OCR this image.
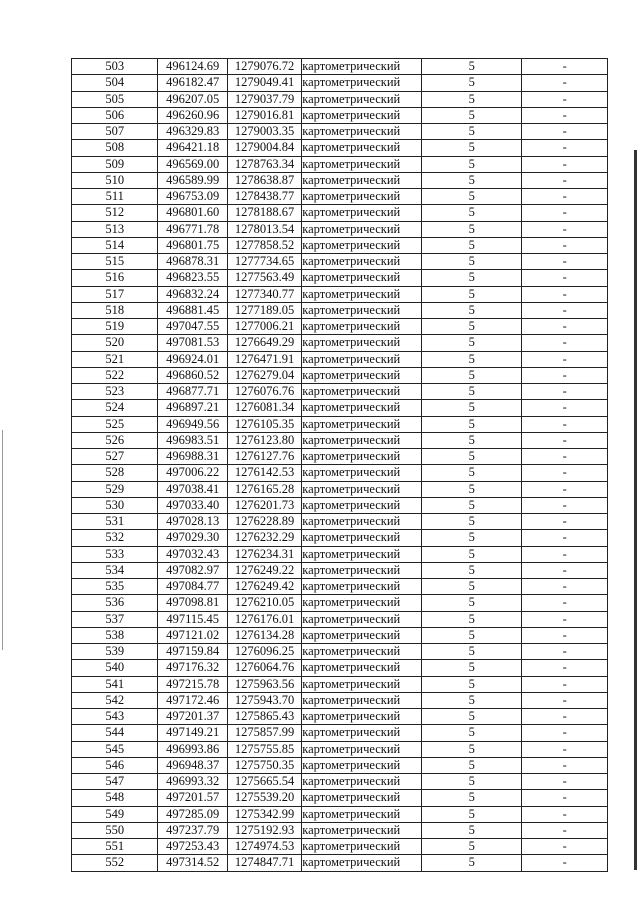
503	496124.69	1279076.72	картометрический	5	-
504	496182.47	1279049.41	картометрический	5	-
505	496207.05	1279037.79	картометрический	5	-
506	496260.96	1279016.81	картометрический	5	-
507	496329.83	1279003.35	картометрический	5	-
508	496421.18	1279004.84	картометрический	5	-
509	496569.00	1278763.34	картометрический	5	-
510	496589.99	1278638.87	картометрический	5	-
511	496753.09	1278438.77	картометрический	5	-
512	496801.60	1278188.67	картометрический	5	-
513	496771.78	1278013.54	картометрический	5	-
514	496801.75	1277858.52	картометрический	5	-
515	496878.31	1277734.65	картометрический	5	-
516	496823.55	1277563.49	картометрический	5	-
517	496832.24	1277340.77	картометрический	5	-
518	496881.45	1277189.05	картометрический	5	-
519	497047.55	1277006.21	картометрический	5	-
520	497081.53	1276649.29	картометрический	5	-
521	496924.01	1276471.91	картометрический	5	-
522	496860.52	1276279.04	картометрический	5	-
523	496877.71	1276076.76	картометрический	5	-
524	496897.21	1276081.34	картометрический	5	-
525	496949.56	1276105.35	картометрический	5	-
526	496983.51	1276123.80	картометрический	5	-
527	496988.31	1276127.76	картометрический	5	-
528	497006.22	1276142.53	картометрический	5	-
529	497038.41	1276165.28	картометрический	5	-
530	497033.40	1276201.73	картометрический	5	-
531	497028.13	1276228.89	картометрический	5	-
532	497029.30	1276232.29	картометрический	5	-
533	497032.43	1276234.31	картометрический	5	-
534	497082.97	1276249.22	картометрический	5	-
535	497084.77	1276249.42	картометрический	5	-
536	497098.81	1276210.05	картометрический	5	-
537	497115.45	1276176.01	картометрический	5	-
538	497121.02	1276134.28	картометрический	5	-
539	497159.84	1276096.25	картометрический	5	-
540	497176.32	1276064.76	картометрический	5	-
541	497215.78	1275963.56	картометрический	5	-
542	497172.46	1275943.70	картометрический	5	-
543	497201.37	1275865.43	картометрический	5	-
544	497149.21	1275857.99	картометрический	5	-
545	496993.86	1275755.85	картометрический	5	-
546	496948.37	1275750.35	картометрический	5	-
547	496993.32	1275665.54	картометрический	5	-
548	497201.57	1275539.20	картометрический	5	-
549	497285.09	1275342.99	картометрический	5	-
550	497237.79	1275192.93	картометрический	5	-
551	497253.43	1274974.53	картометрический	5	-
552	497314.52	1274847.71	картометрический	5	-
